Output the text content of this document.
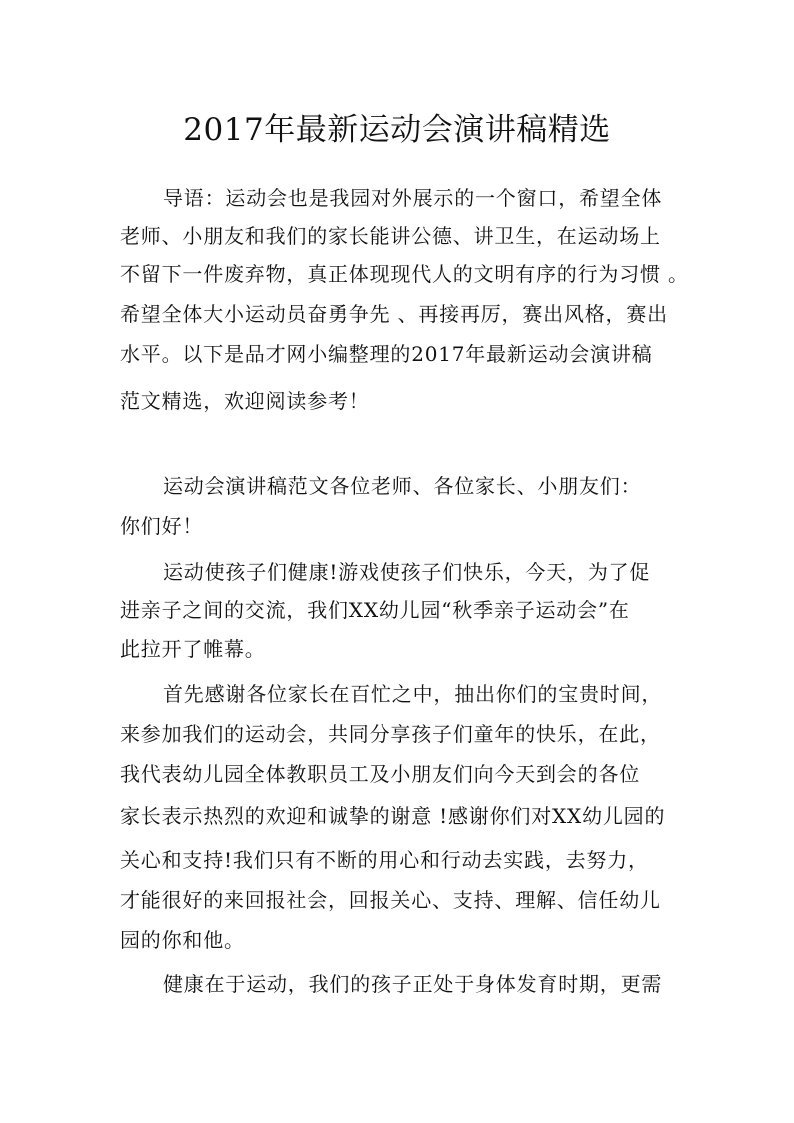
2017年最新运动会演讲稿精选
导语：运动会也是我园对外展示的一个窗口，希望全体
老师、小朋友和我们的家长能讲公德、讲卫生，在运动场上
不留下一件废弃物，真正体现现代人的文明有序的行为习惯 。
希望全体大小运动员奋勇争先 、再接再厉，赛出风格，赛出
水平。以下是品才网小编整理的2017年最新运动会演讲稿
范文精选，欢迎阅读参考！
运动会演讲稿范文各位老师、各位家长、小朋友们：
你们好！
运动使孩子们健康!游戏使孩子们快乐，今天，为了促
进亲子之间的交流，我们XX幼儿园“秋季亲子运动会”在
此拉开了帷幕。
首先感谢各位家长在百忙之中，抽出你们的宝贵时间，
来参加我们的运动会，共同分享孩子们童年的快乐，在此，
我代表幼儿园全体教职员工及小朋友们向今天到会的各位
家长表示热烈的欢迎和诚挚的谢意 !感谢你们对XX幼儿园的
关心和支持!我们只有不断的用心和行动去实践，去努力，
才能很好的来回报社会，回报关心、支持、理解、信任幼儿
园的你和他。
健康在于运动，我们的孩子正处于身体发育时期，更需
